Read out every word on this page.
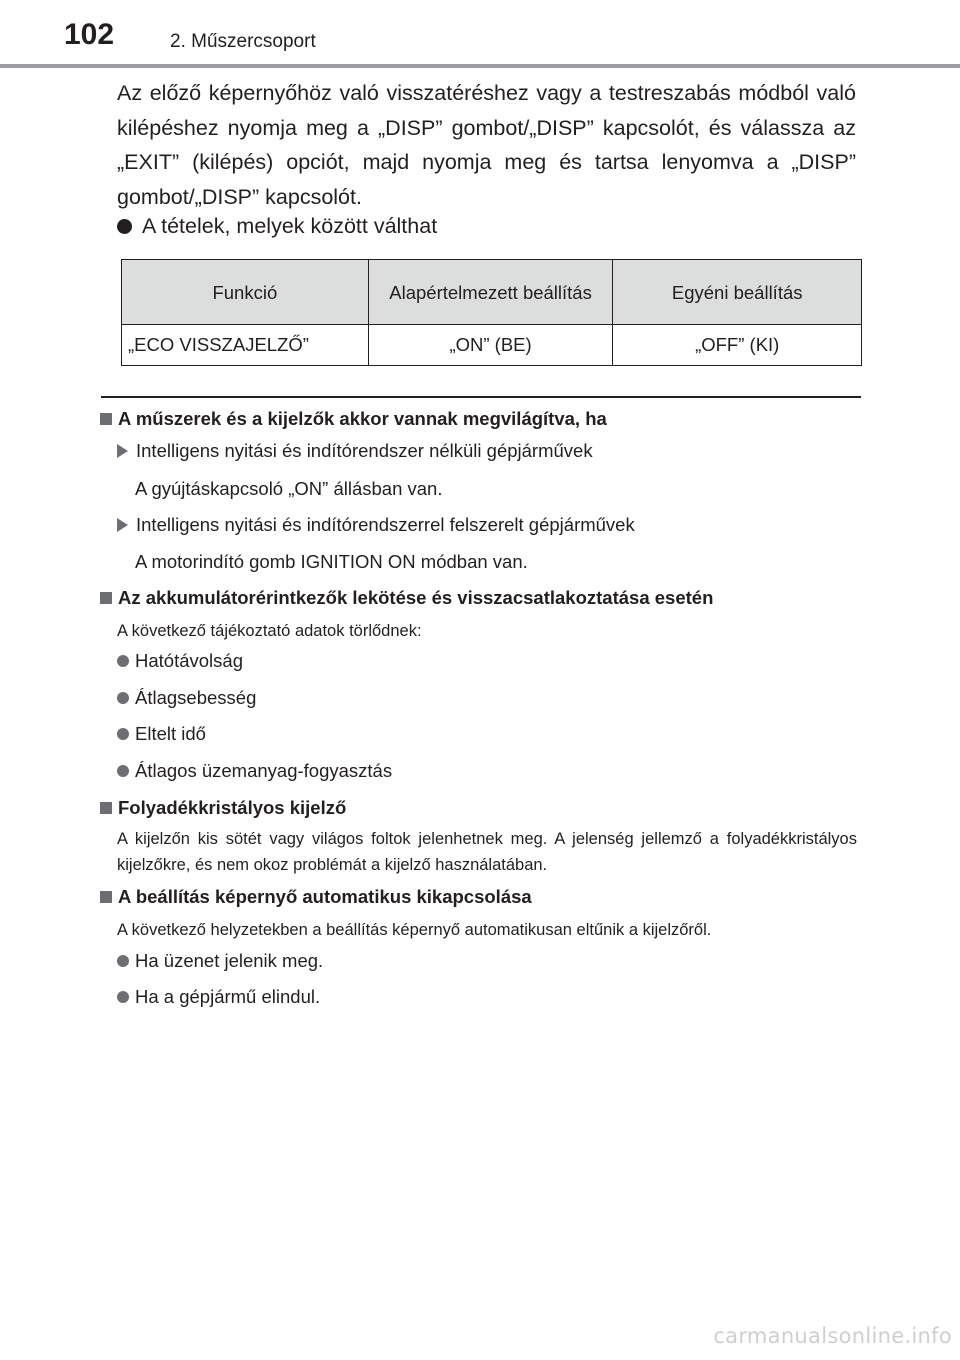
102	2. Műszercsoport

Az előző képernyőhöz való visszatéréshez vagy a testreszabás módból való kilépéshez nyomja meg a „DISP” gombot/„DISP” kapcsolót, és válassza az „EXIT” (kilépés) opciót, majd nyomja meg és tartsa lenyomva a „DISP” gombot/„DISP” kapcsolót.

A tételek, melyek között válthat
Funkció	Alapértelmezett beállítás	Egyéni beállítás
„ECO VISSZAJELZŐ”	„ON” (BE)	„OFF” (KI)
A műszerek és a kijelzők akkor vannak megvilágítva, ha
Intelligens nyitási és indítórendszer nélküli gépjárművek
A gyújtáskapcsoló „ON” állásban van.
Intelligens nyitási és indítórendszerrel felszerelt gépjárművek
A motorindító gomb IGNITION ON módban van.
Az akkumulátorérintkezők lekötése és visszacsatlakoztatása esetén

A következő tájékoztató adatok törlődnek:

Hatótávolság
Átlagsebesség
Eltelt idő
Átlagos üzemanyag-fogyasztás
Folyadékkristályos kijelző

A kijelzőn kis sötét vagy világos foltok jelenhetnek meg. A jelenség jellemző a folyadékkristályos kijelzőkre, és nem okoz problémát a kijelző használatában.

A beállítás képernyő automatikus kikapcsolása

A következő helyzetekben a beállítás képernyő automatikusan eltűnik a kijelzőről.

Ha üzenet jelenik meg.
Ha a gépjármű elindul.
carmanualsonline.info
